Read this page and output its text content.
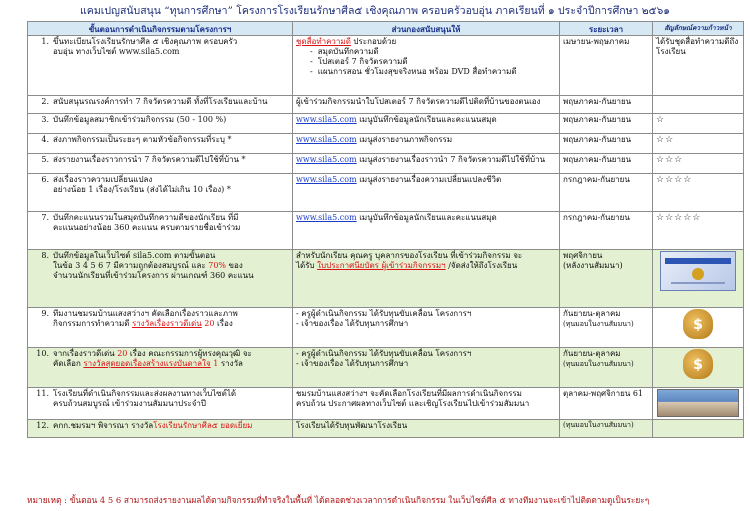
แคมเปญสนับสนุน “ทุนการศึกษา” โครงการโรงเรียนรักษาศีล๕ เชิงคุณภาพ ครอบครัวอบอุ่น ภาคเรียนที่ ๑ ประจำปีการศึกษา ๒๕๖๑
ขั้นตอนการดำเนินกิจกรรมตามโครงการฯ	ส่วนกองสนับสนุนให้	ระยะเวลา	สัญลักษณ์ความก้าวหน้า
1. ขึ้นทะเบียนโรงเรียนรักษาศีล ๕ เชิงคุณภาพ ครอบครัว
อบอุ่น ทางเว็บไซต์ www.sila5.com	ชุดสื่อทำความดี ประกอบด้วย
-  สมุดบันทึกความดี
-  โปสเตอร์ 7 กิจวัตรความดี
-  แผนการสอน ชั่วโมงสุขจริงหนอ พร้อม DVD สื่อทำความดี	เมษายน-พฤษภาคม	ได้รับชุดสื่อทำความดีถึงโรงเรียน
2. สนับสนุนรณรงค์การทำ 7 กิจวัตรความดี ทั้งที่โรงเรียนและบ้าน	ผู้เข้าร่วมกิจกรรมนำใบโปสเตอร์ 7 กิจวัตรความดีไปติดที่บ้านของตนเอง	พฤษภาคม-กันยายน	
3. บันทึกข้อมูลสมาชิกเข้าร่วมกิจกรรม (50 - 100 %)	www.sila5.com เมนูบันทึกข้อมูลนักเรียนและคะแนนสมุด	พฤษภาคม-กันยายน	☆
4. ส่งภาพกิจกรรมเป็นระยะๆ ตามหัวข้อกิจกรรมที่ระบุ *	www.sila5.com เมนูส่งรายงานภาพกิจกรรม	พฤษภาคม-กันยายน	☆☆
5. ส่งรายงานเรื่องราวการนำ 7 กิจวัตรความดีไปใช้ที่บ้าน *	www.sila5.com เมนูส่งรายงานเรื่องราวนำ 7 กิจวัตรความดีไปใช้ที่บ้าน	พฤษภาคม-กันยายน	☆☆☆
6. ส่งเรื่องราวความเปลี่ยนแปลง
อย่างน้อย 1 เรื่อง/โรงเรียน (ส่งได้ไม่เกิน 10 เรื่อง) *	www.sila5.com เมนูส่งรายงานเรื่องความเปลี่ยนแปลงชีวิต	กรกฎาคม-กันยายน	☆☆☆☆
7. บันทึกคะแนนรวมในสมุดบันทึกความดีของนักเรียน ที่มี
คะแนนอย่างน้อย 360 คะแนน ครบตามรายชื่อเข้าร่วม	www.sila5.com เมนูบันทึกข้อมูลนักเรียนและคะแนนสมุด	กรกฎาคม-กันยายน	☆☆☆☆☆
8. บันทึกข้อมูลในเว็บไซต์ sila5.com ตามขั้นตอน
ในข้อ 3 4 5 6 7 มีความถูกต้องสมบูรณ์ และ 70% ของ
จำนวนนักเรียนที่เข้าร่วมโครงการ ผ่านเกณฑ์ 360 คะแนน	สำหรับนักเรียน คุณครู บุคลากรของโรงเรียน ที่เข้าร่วมกิจกรรม จะ
ได้รับ ใบประกาศนียบัตร ผู้เข้าร่วมกิจกรรมฯ /จัดส่งให้ถึงโรงเรียน	พฤศจิกายน
(หลังงานสัมมนา)	

9. ทีมงานชมรมบ้านแสงสว่างฯ คัดเลือกเรื่องราวและภาพ
กิจกรรมการทำความดี รางวัลเรื่องราวดีเด่น 20 เรื่อง	- ครูผู้ดำเนินกิจกรรม ได้รับทุนขับเคลื่อน โครงการฯ
- เจ้าของเรื่อง ได้รับทุนการศึกษา	กันยายน-ตุลาคม
(ทุนมอบในงานสัมมนา)	$

10. จากเรื่องราวดีเด่น 20 เรื่อง คณะกรรมการผู้ทรงคุณวุฒิ จะ
คัดเลือก รางวัลสุดยอดเรื่องสร้างแรงบันดาลใจ 1 รางวัล	- ครูผู้ดำเนินกิจกรรม ได้รับทุนขับเคลื่อน โครงการฯ
- เจ้าของเรื่อง ได้รับทุนการศึกษา	กันยายน-ตุลาคม
(ทุนมอบในงานสัมมนา)	$

11. โรงเรียนที่ดำเนินกิจกรรมและส่งผลงานทางเว็บไซต์ได้
ครบถ้วนสมบูรณ์ เข้าร่วมงานสัมมนาประจำปี	ชมรมบ้านแสงสว่างฯ จะคัดเลือกโรงเรียนที่มีผลการดำเนินกิจกรรม
ครบถ้วน ประกาศผลทางเว็บไซต์ และเชิญโรงเรียนไปเข้าร่วมสัมมนา	ตุลาคม-พฤศจิกายน 61	

12. คกก.ชมรมฯ พิจารณา รางวัลโรงเรียนรักษาศีล๕ ยอดเยี่ยม	โรงเรียนได้รับทุนพัฒนาโรงเรียน	(ทุนมอบในงานสัมมนา)	
หมายเหตุ : ขั้นตอน 4 5 6 สามารถส่งรายงานผลได้ตามกิจกรรมที่ทำจริงในพื้นที่ ได้ตลอดช่วงเวลาการดำเนินกิจกรรม ในเว็บไซต์ศีล ๕ ทางทีมงานจะเข้าไปติดตามดูเป็นระยะๆ
